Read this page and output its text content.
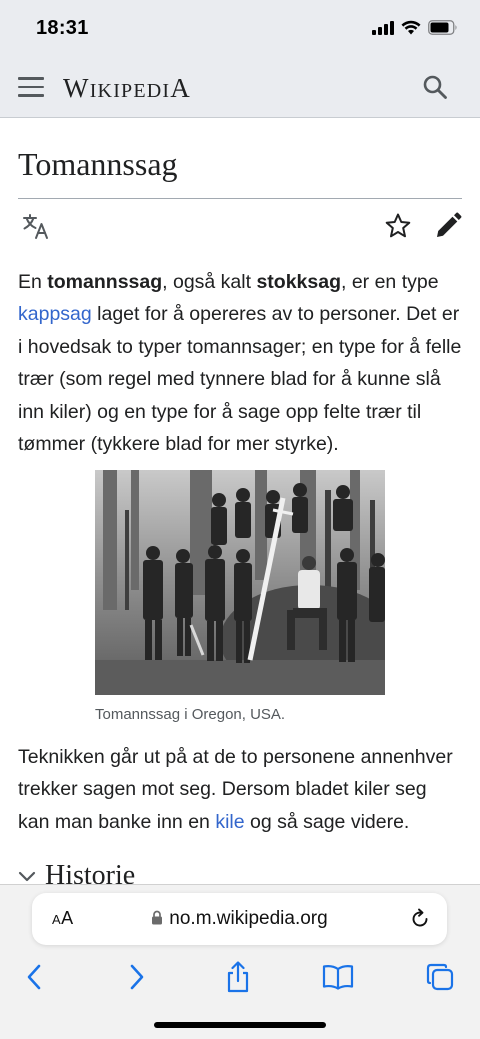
18:31
WIKIPEDIA
Tomannssag

En tomannssag, også kalt stokksag, er en type kappsag laget for å opereres av to personer. Det er i hovedsak to typer tomannsager; en type for å felle trær (som regel med tynnere blad for å kunne slå inn kiler) og en type for å sage opp felte trær til tømmer (tykkere blad for mer styrke).

Tomannssag i Oregon, USA.

Teknikken går ut på at de to personene annenhver trekker sagen mot seg. Dersom bladet kiler seg kan man banke inn en kile og så sage videre.

Historie
AA	no.m.wikipedia.org
